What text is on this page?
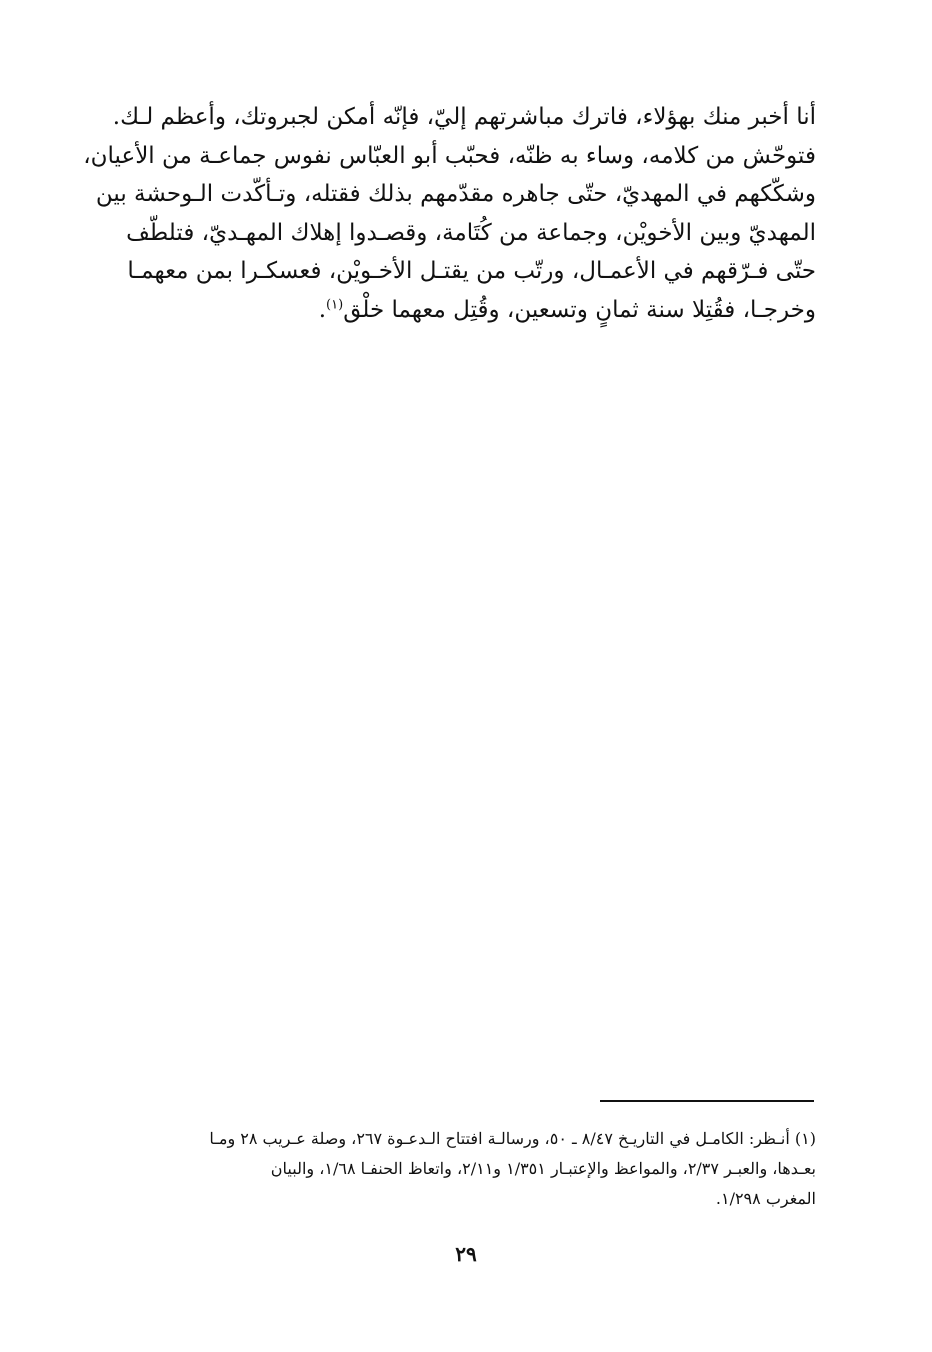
أنا أخبر منك بهؤلاء، فاترك مباشرتهم إليّ، فإنّه أمكن لجبروتك، وأعظم لـك.
فتوحّش من كلامه، وساء به ظنّه، فحبّب أبو العبّاس نفوس جماعـة من الأعيان،
وشكّكهم في المهديّ، حتّى جاهره مقدّمهم بذلك فقتله، وتـأكّدت الـوحشة بين
المهديّ وبين الأخويْن، وجماعة من كُتَامة، وقصـدوا إهلاك المهـديّ، فتلطّف
حتّى فـرّقهم في الأعمـال، ورتّب من يقتـل الأخـويْن، فعسكـرا بمن معهمـا
وخرجـا، فقُتِلا سنة ثمانٍ وتسعين، وقُتِل معهما خلْق$^{(١)}$.
(١) أنـظر: الكامـل في التاريـخ ٨/٤٧ ـ ٥٠، ورسالـة افتتاح الـدعـوة ٢٦٧، وصلة عـريب ٢٨ ومـا
بعـدها، والعبـر ٢/٣٧، والمواعظ والإعتبـار ١/٣٥١ و٢/١١، واتعاظ الحنفـا ١/٦٨، والبيان
المغرب ١/٢٩٨.
٢٩
